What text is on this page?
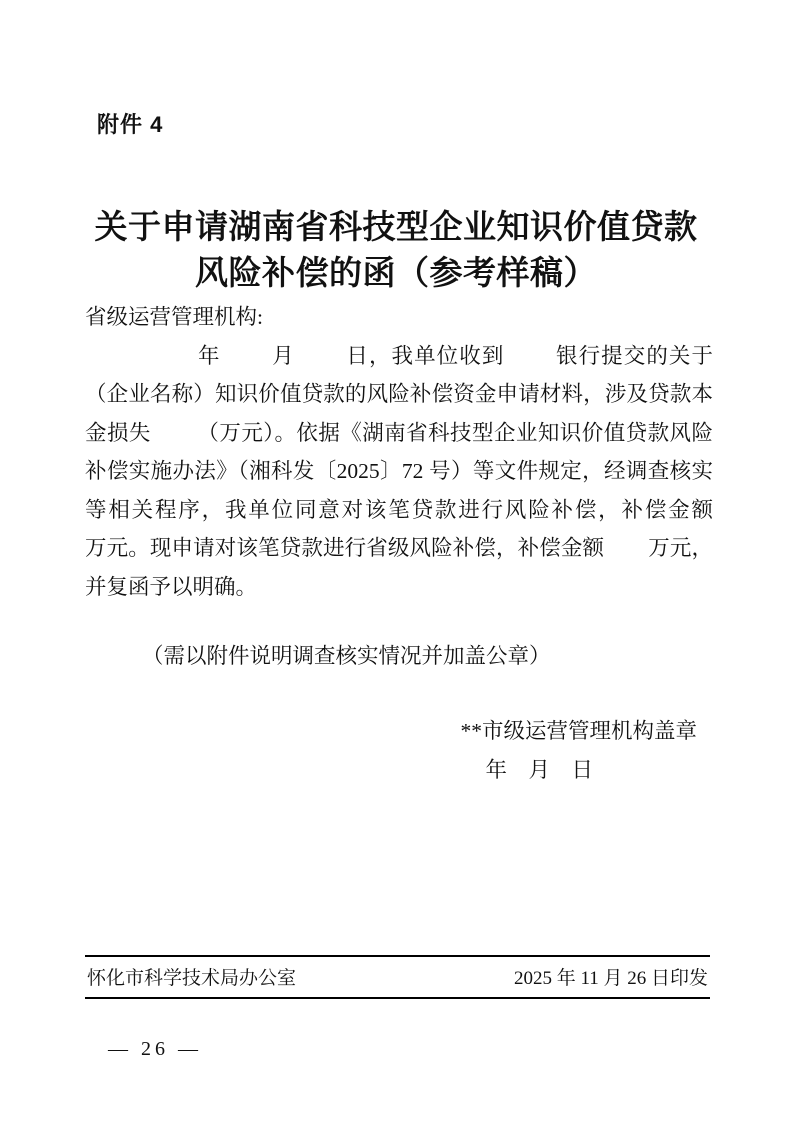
附件 4
关于申请湖南省科技型企业知识价值贷款风险补偿的函（参考样稿）
省级运营管理机构:

年        月        日，我单位收到        银行提交的关于（企业名称）知识价值贷款的风险补偿资金申请材料，涉及贷款本金损失        （万元）。依据《湖南省科技型企业知识价值贷款风险补偿实施办法》（湘科发〔2025〕72 号）等文件规定，经调查核实等相关程序，我单位同意对该笔贷款进行风险补偿，补偿金额        万元。现申请对该笔贷款进行省级风险补偿，补偿金额        万元，并复函予以明确。

（需以附件说明调查核实情况并加盖公章）
**市级运营管理机构盖章
年    月    日
怀化市科学技术局办公室	2025 年 11 月 26 日印发
— 26 —
